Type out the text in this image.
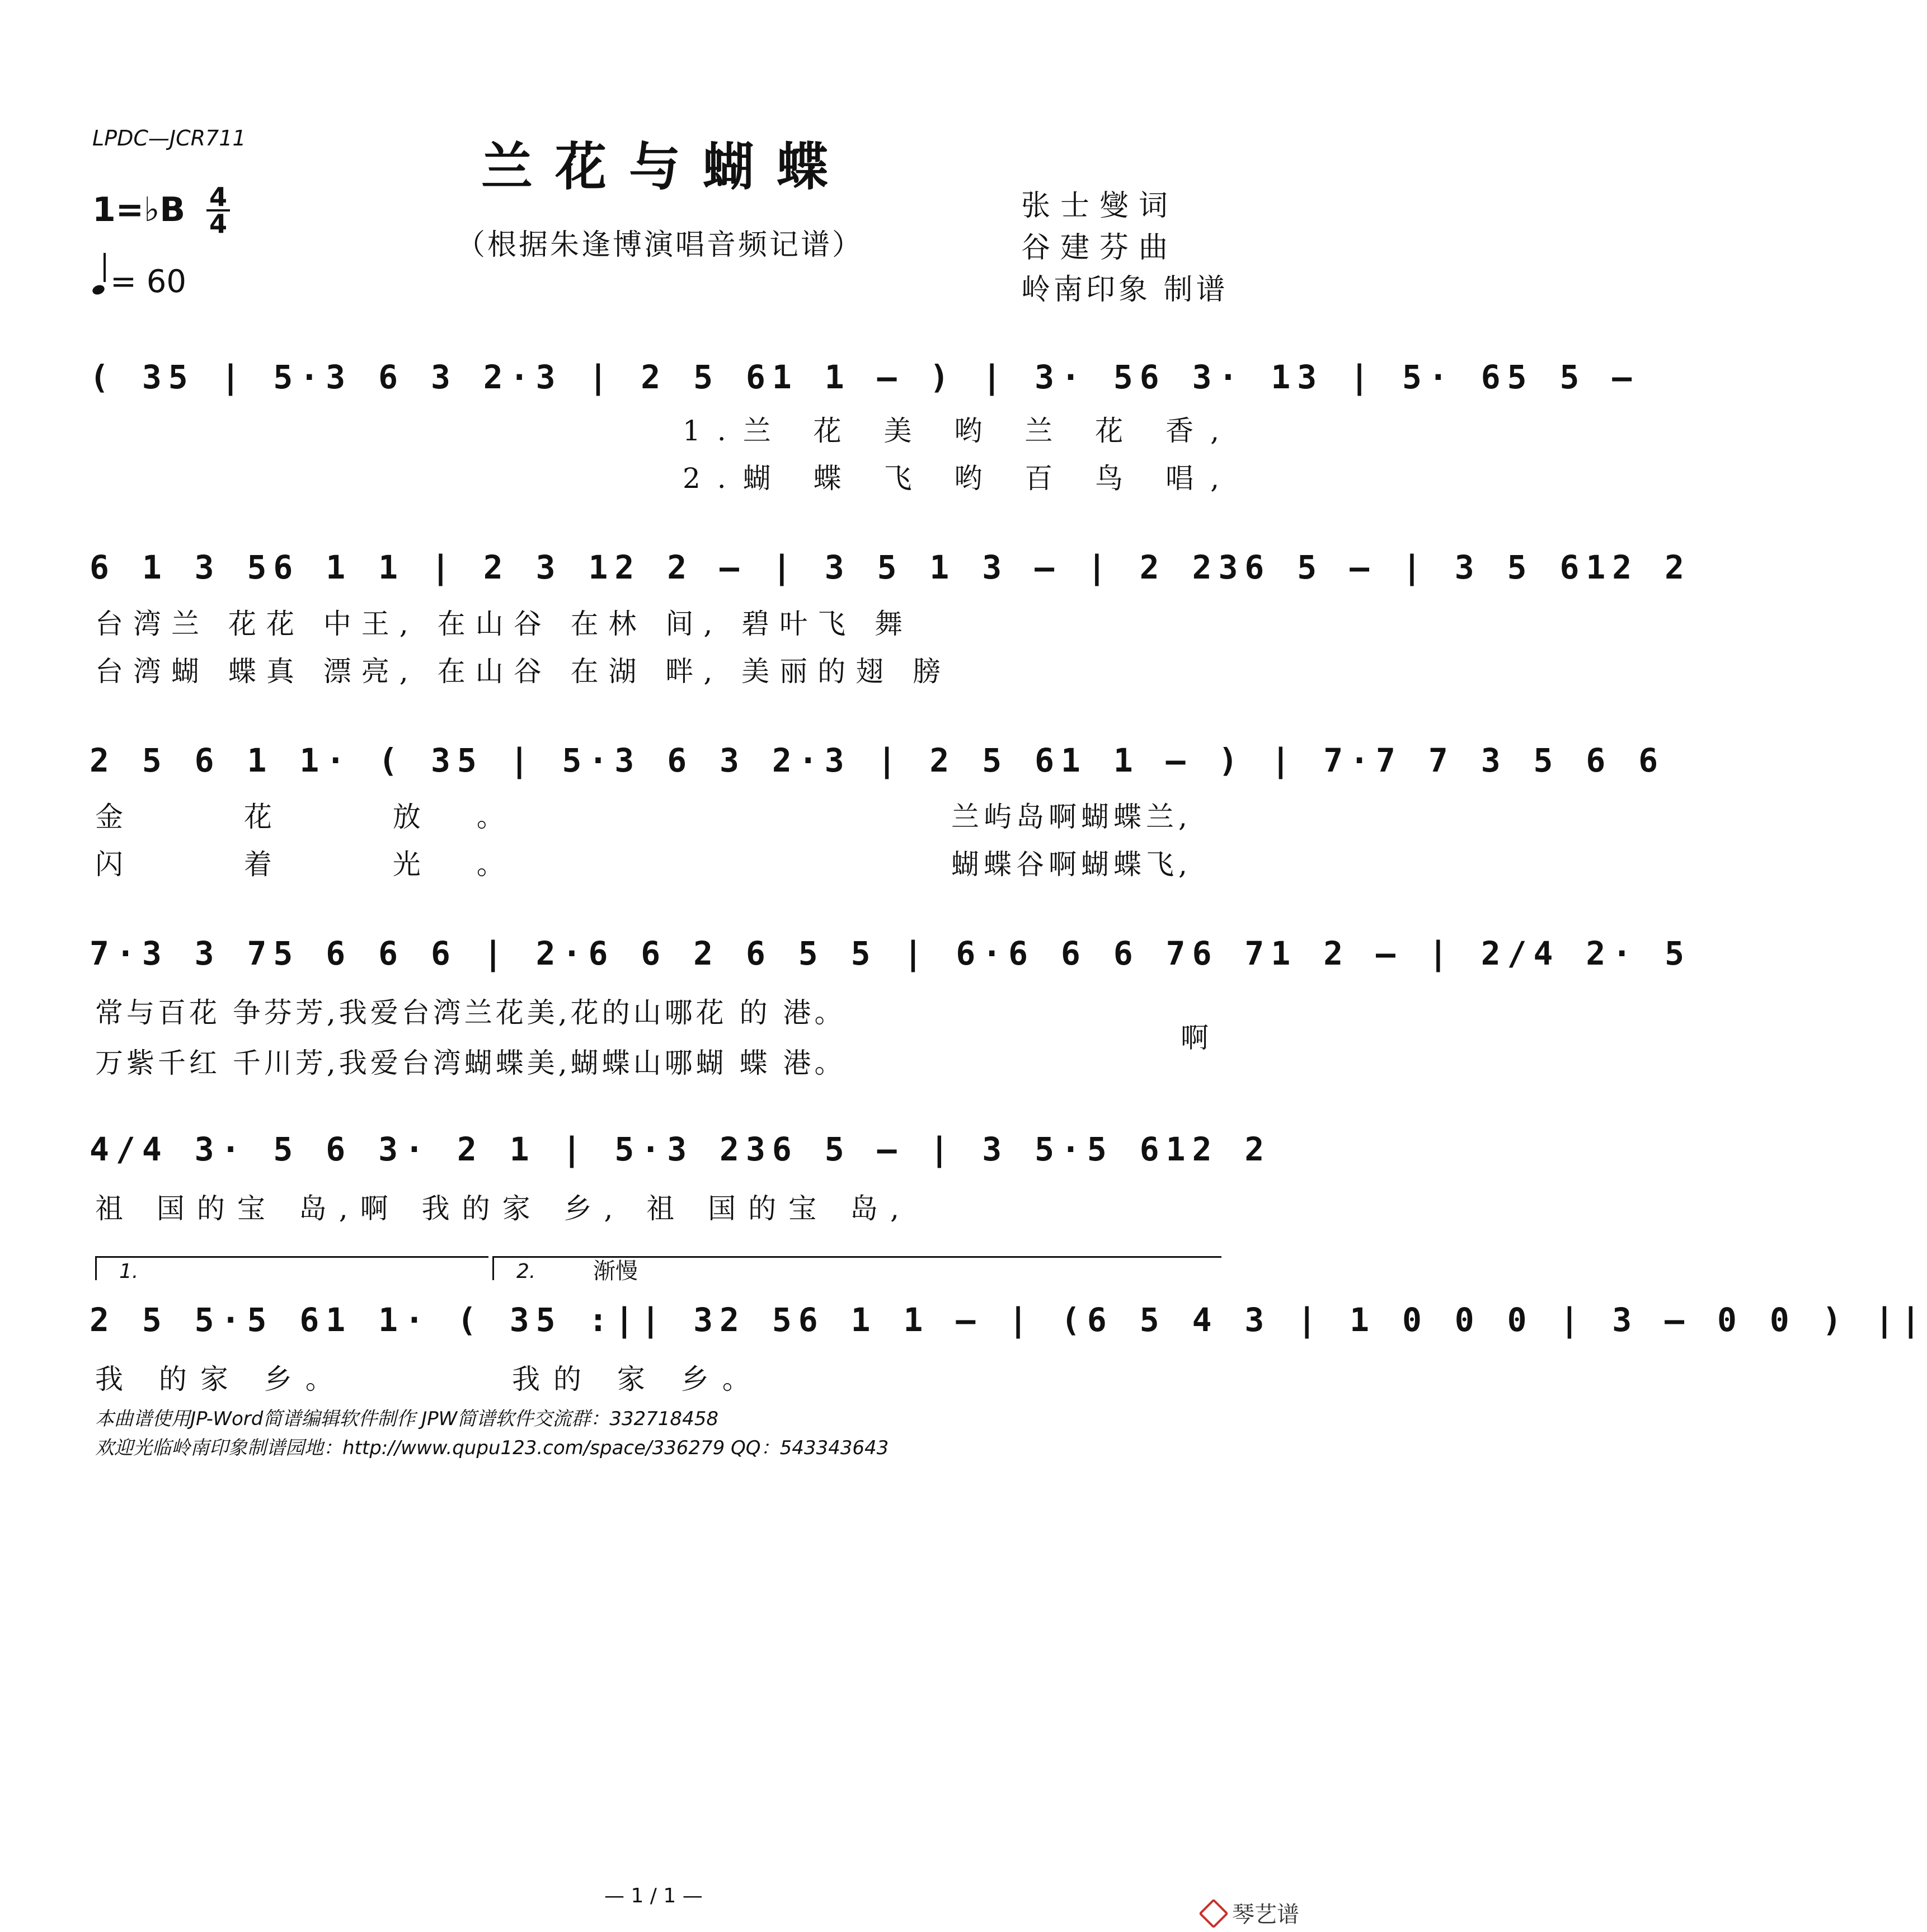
LPDC—JCR711	兰花与蝴蝶
（根据朱逢博演唱音频记谱）
张士燮词
谷建芬曲
岭南印象 制谱
1=♭B 4
4
= 60
( 35 | 5·3 6 3 2·3 | 2 5 61 1 – ) | 3· 56 3· 13 | 5· 65 5 –
1.兰 花 美 哟 兰 花 香,
2.蝴 蝶 飞 哟 百 鸟 唱,
6 1 3 56 1 1 | 2 3 12 2 – | 3 5 1 3 – | 2 236 5 – | 3 5 612 2
台湾兰 花花 中王, 在山谷 在林 间, 碧叶飞 舞
台湾蝴 蝶真 漂亮, 在山谷 在湖 畔, 美丽的翅 膀
2 5 6 1 1· ( 35 | 5·3 6 3 2·3 | 2 5 61 1 – ) | 7·7 7 3 5 6 6
金 花 放。
闪 着 光。
兰屿岛啊蝴蝶兰,
蝴蝶谷啊蝴蝶飞,
7·3 3 75 6 6 6 | 2·6 6 2 6 5 5 | 6·6 6 6 76 71 2 – | 2/4 2· 5
常与百花 争芬芳,我爱台湾兰花美,花的山哪花 的 港。
万紫千红 千川芳,我爱台湾蝴蝶美,蝴蝶山哪蝴 蝶 港。
啊
4/4 3· 5 6 3· 2 1 | 5·3 236 5 – | 3 5·5 612 2
祖 国的宝 岛,啊 我的家 乡, 祖 国的宝 岛,
1.	2.	渐慢
2 5 5·5 61 1· ( 35 :|| 32 56 1 1 – | (6 5 4 3 | 1 0 0 0 | 3 – 0 0 ) ||
我 的家 乡。	我的 家 乡。
本曲谱使用JP-Word简谱编辑软件制作 JPW简谱软件交流群：332718458
欢迎光临岭南印象制谱园地：http://www.qupu123.com/space/336279 QQ：543343643
— 1 / 1 —
琴艺谱
